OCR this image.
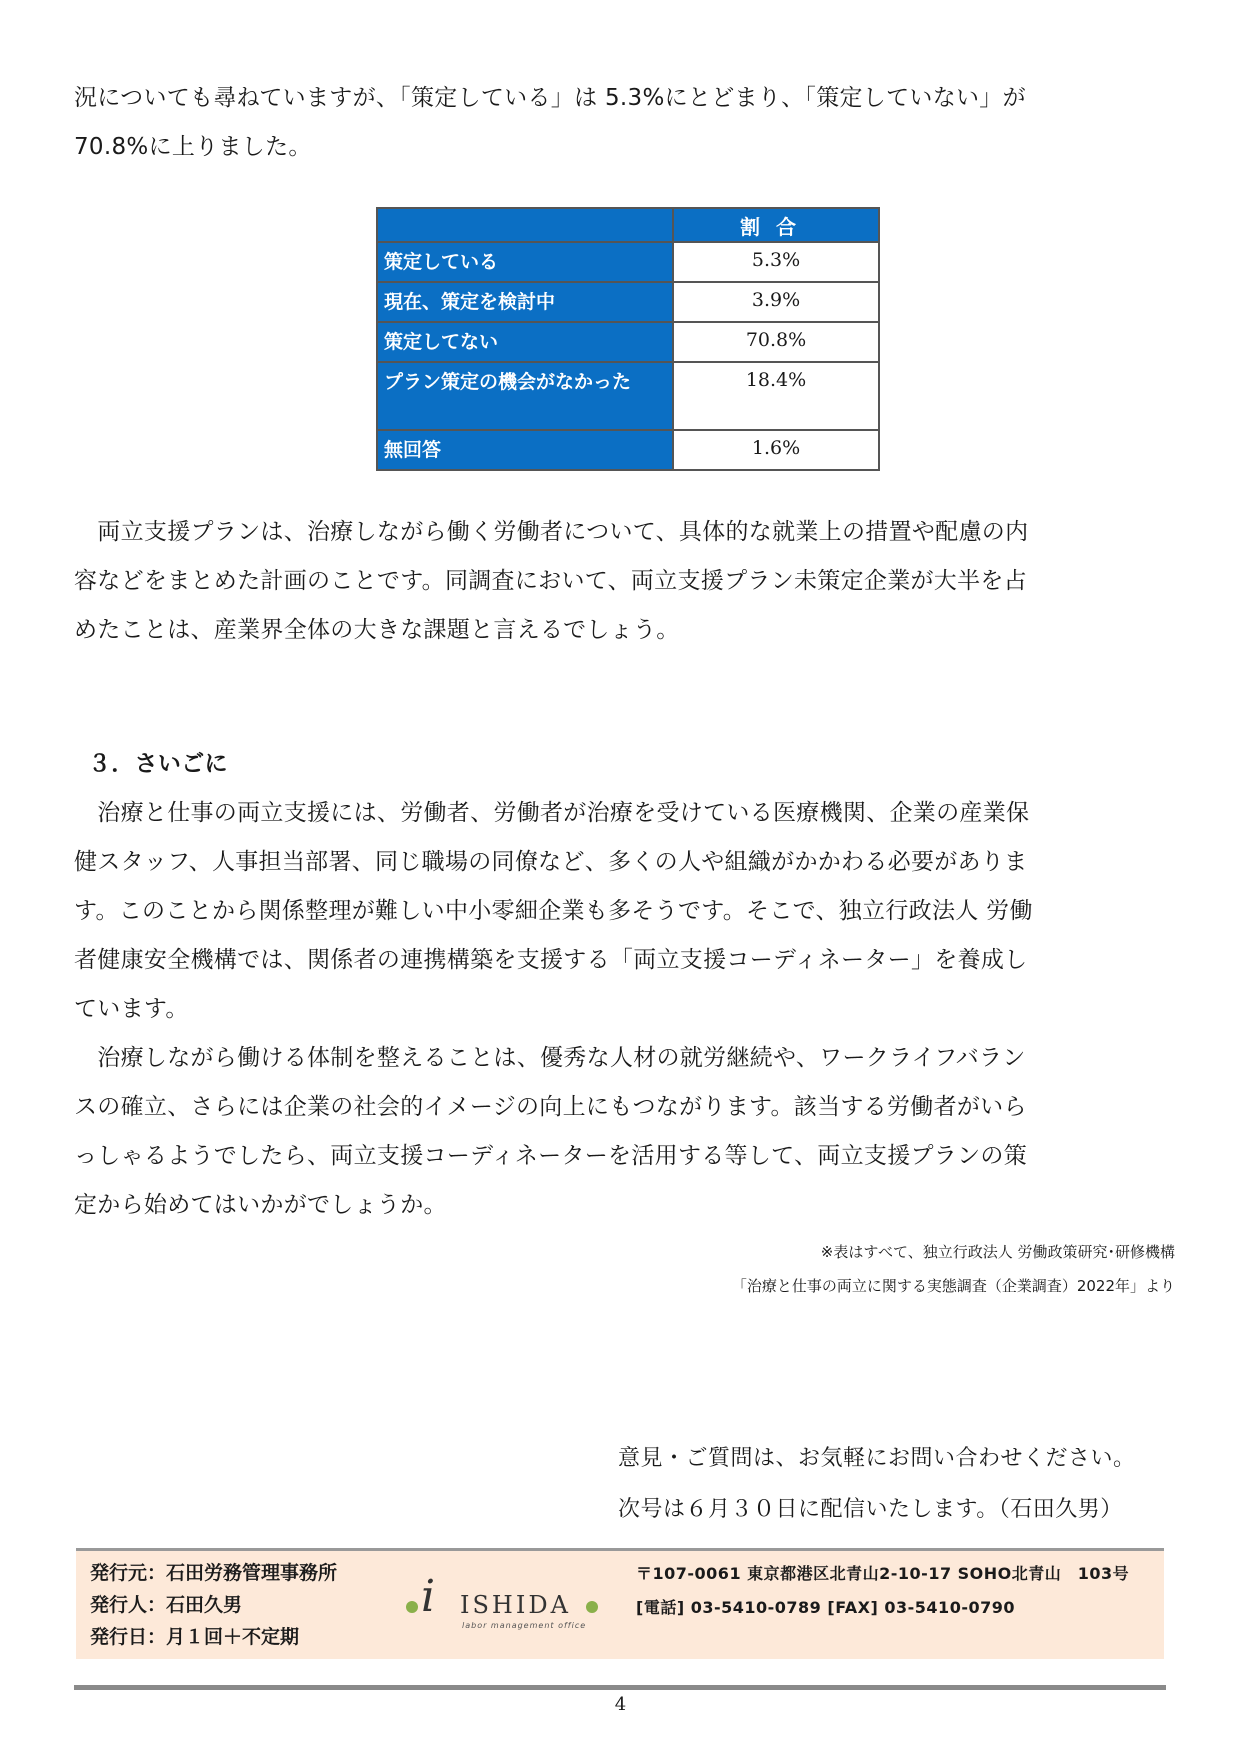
況についても尋ねていますが、「策定している」は 5.3%にとどまり、「策定していない」が

70.8%に上りました。

	割合
策定している	5.3%
現在、策定を検討中	3.9%
策定してない	70.8%
プラン策定の機会がなかった	18.4%
無回答	1.6%

　両立支援プランは、治療しながら働く労働者について、具体的な就業上の措置や配慮の内

容などをまとめた計画のことです。同調査において、両立支援プラン未策定企業が大半を占

めたことは、産業界全体の大きな課題と言えるでしょう。

３．さいごに

　治療と仕事の両立支援には、労働者、労働者が治療を受けている医療機関、企業の産業保

健スタッフ、人事担当部署、同じ職場の同僚など、多くの人や組織がかかわる必要がありま

す。このことから関係整理が難しい中小零細企業も多そうです。そこで、独立行政法人 労働

者健康安全機構では、関係者の連携構築を支援する「両立支援コーディネーター」を養成し

ています。

　治療しながら働ける体制を整えることは、優秀な人材の就労継続や、ワークライフバラン

スの確立、さらには企業の社会的イメージの向上にもつながります。該当する労働者がいら

っしゃるようでしたら、両立支援コーディネーターを活用する等して、両立支援プランの策

定から始めてはいかがでしょうか。

※表はすべて、独立行政法人 労働政策研究･研修機構
「治療と仕事の両立に関する実態調査（企業調査）2022年」より
意見・ご質問は、お気軽にお問い合わせください。
次号は６月３０日に配信いたします。（石田久男）
発行元：石田労務管理事務所
発行人：石田久男
発行日：月１回＋不定期
i ISHIDA
labor management office
〒107-0061 東京都港区北青山2-10-17 SOHO北青山　103号
[電話] 03-5410-0789 [FAX] 03-5410-0790
4
